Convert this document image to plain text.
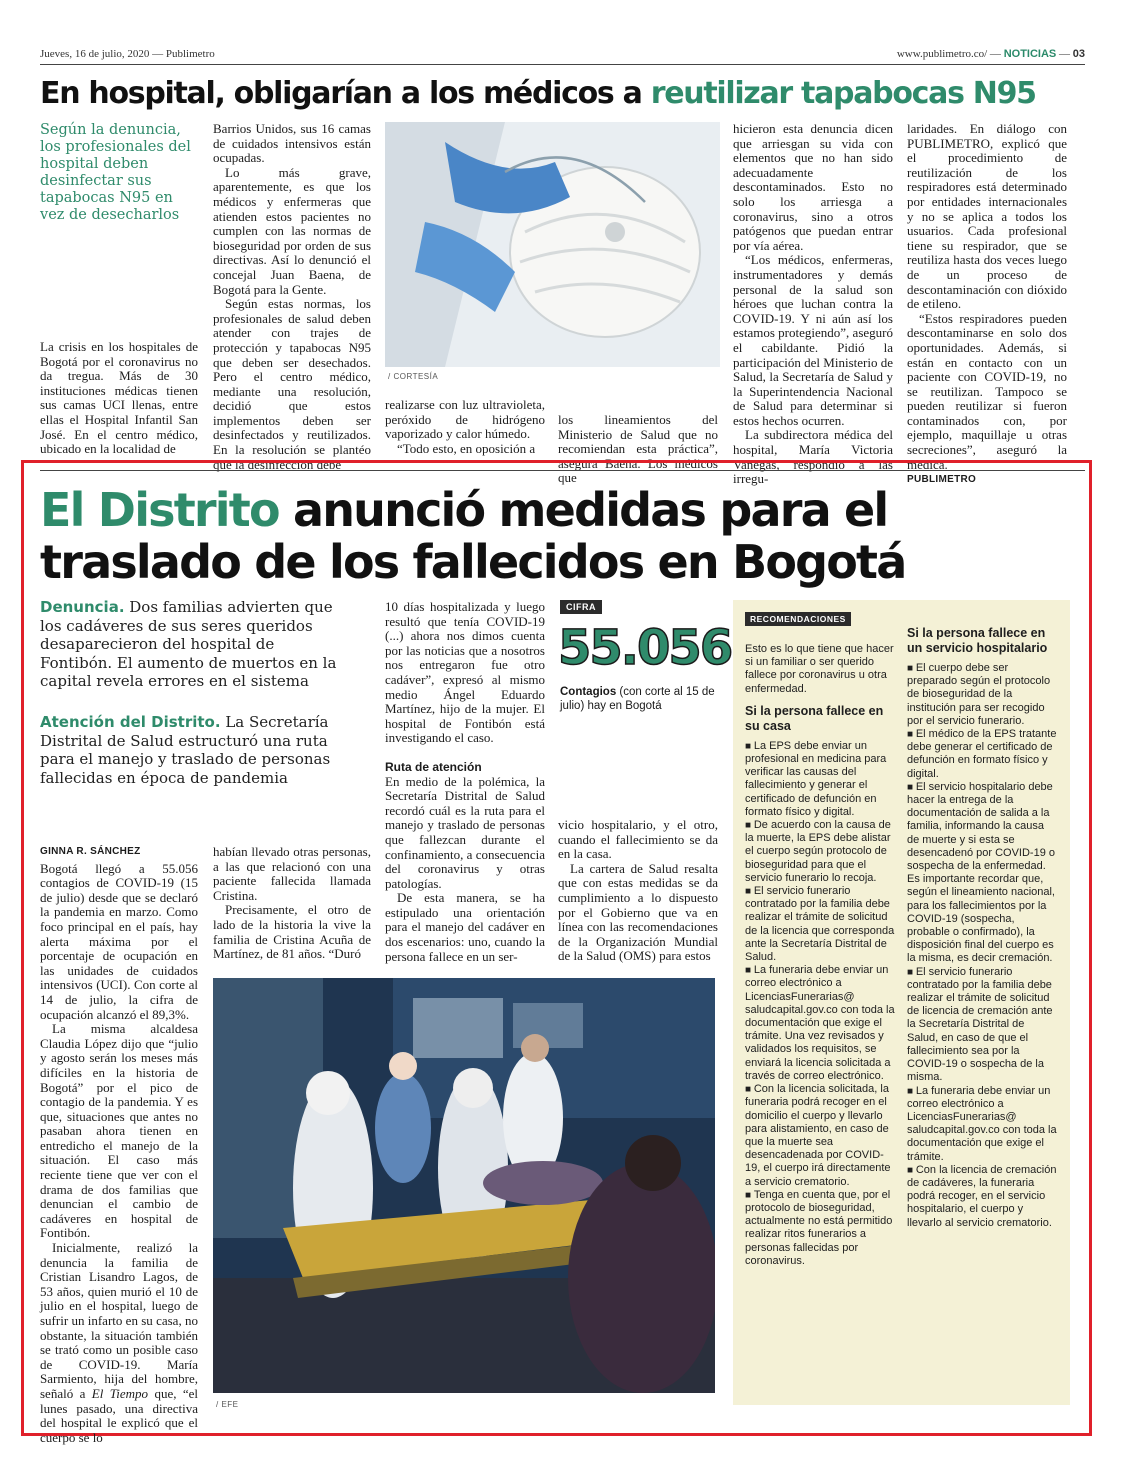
Jueves, 16 de julio, 2020 — Publimetro	www.publimetro.co/ — NOTICIAS — 03
En hospital, obligarían a los médicos a reutilizar tapabocas N95
Según la denuncia, los profesionales del hospital deben desinfectar sus tapabocas N95 en vez de desecharlos

La crisis en los hospitales de Bogotá por el coronavirus no da tregua. Más de 30 instituciones médicas tienen sus camas UCI llenas, entre ellas el Hospital Infantil San José. En el centro médico, ubicado en la localidad de

Barrios Unidos, sus 16 camas de cuidados intensivos están ocupadas.

Lo más grave, aparentemente, es que los médicos y enfermeras que atienden estos pacientes no cumplen con las normas de bioseguridad por orden de sus directivas. Así lo denunció el concejal Juan Baena, de Bogotá para la Gente.

Según estas normas, los profesionales de salud deben atender con trajes de protección y tapabocas N95 que deben ser desechados. Pero el centro médico, mediante una resolución, decidió que estos implementos deben ser desinfectados y reutilizados. En la resolución se plantéo que la desinfección debe

/ CORTESÍA

realizarse con luz ultravioleta, peróxido de hidrógeno vaporizado y calor húmedo.

“Todo esto, en oposición a

los lineamientos del Ministerio de Salud que no recomiendan esta práctica”, asegura Baena. Los médicos que

hicieron esta denuncia dicen que arriesgan su vida con elementos que no han sido adecuadamente descontaminados. Esto no solo los arriesga a coronavirus, sino a otros patógenos que puedan entrar por vía aérea.

“Los médicos, enfermeras, instrumentadores y demás personal de la salud son héroes que luchan contra la COVID-19. Y ni aún así los estamos protegiendo”, aseguró el cabildante. Pidió la participación del Ministerio de Salud, la Secretaría de Salud y la Superintendencia Nacional de Salud para determinar si estos hechos ocurren.

La subdirectora médica del hospital, María Victoria Vanegas, respondió a las irregu-

laridades. En diálogo con PUBLIMETRO, explicó que el procedimiento de reutilización de los respiradores está determinado por entidades internacionales y no se aplica a todos los usuarios. Cada profesional tiene su respirador, que se reutiliza hasta dos veces luego de un proceso de descontaminación con dióxido de etileno.

“Estos respiradores pueden descontaminarse en solo dos oportunidades. Además, si están en contacto con un paciente con COVID-19, no se reutilizan. Tampoco se pueden reutilizar si fueron contaminados con, por ejemplo, maquillaje u otras secreciones”, aseguró la médica.

PUBLIMETRO

El Distrito anunció medidas para el traslado de los fallecidos en Bogotá
Denuncia. Dos familias advierten que los cadáveres de sus seres queridos desaparecieron del hospital de Fontibón. El aumento de muertos en la capital revela errores en el sistema
Atención del Distrito. La Secretaría Distrital de Salud estructuró una ruta para el manejo y traslado de personas fallecidas en época de pandemia

GINNA R. SÁNCHEZ

Bogotá llegó a 55.056 contagios de COVID-19 (15 de julio) desde que se declaró la pandemia en marzo. Como foco principal en el país, hay alerta máxima por el porcentaje de ocupación en las unidades de cuidados intensivos (UCI). Con corte al 14 de julio, la cifra de ocupación alcanzó el 89,3%.

La misma alcaldesa Claudia López dijo que “julio y agosto serán los meses más difíciles en la historia de Bogotá” por el pico de contagio de la pandemia. Y es que, situaciones que antes no pasaban ahora tienen en entredicho el manejo de la situación. El caso más reciente tiene que ver con el drama de dos familias que denuncian el cambio de cadáveres en hospital de Fontibón.

Inicialmente, realizó la denuncia la familia de Cristian Lisandro Lagos, de 53 años, quien murió el 10 de julio en el hospital, luego de sufrir un infarto en su casa, no obstante, la situación también se trató como un posible caso de COVID-19. María Sarmiento, hija del hombre, señaló a El Tiempo que, “el lunes pasado, una directiva del hospital le explicó que el cuerpo se lo

habían llevado otras personas, a las que relacionó con una paciente fallecida llamada Cristina.

Precisamente, el otro de lado de la historia la vive la familia de Cristina Acuña de Martínez, de 81 años. “Duró

10 días hospitalizada y luego resultó que tenía COVID-19 (...) ahora nos dimos cuenta por las noticias que a nosotros nos entregaron fue otro cadáver”, expresó al mismo medio Ángel Eduardo Martínez, hijo de la mujer. El hospital de Fontibón está investigando el caso.

Ruta de atención

En medio de la polémica, la Secretaría Distrital de Salud recordó cuál es la ruta para el manejo y traslado de personas que fallezcan durante el confinamiento, a consecuencia del coronavirus y otras patologías.

De esta manera, se ha estipulado una orientación para el manejo del cadáver en dos escenarios: uno, cuando la persona fallece en un ser-

vicio hospitalario, y el otro, cuando el fallecimiento se da en la casa.

La cartera de Salud resalta que con estas medidas se da cumplimiento a lo dispuesto por el Gobierno que va en línea con las recomendaciones de la Organización Mundial de la Salud (OMS) para estos

CIFRA
55.056
Contagios (con corte al 15 de julio) hay en Bogotá
/ EFE
RECOMENDACIONES

Esto es lo que tiene que hacer si un familiar o ser querido fallece por coronavirus u otra enfermedad.

Si la persona fallece en su casa

■ La EPS debe enviar un profesional en medicina para verificar las causas del fallecimiento y generar el certificado de defunción en formato físico y digital.

■ De acuerdo con la causa de la muerte, la EPS debe alistar el cuerpo según protocolo de bioseguridad para que el servicio funerario lo recoja.

■ El servicio funerario contratado por la familia debe realizar el trámite de solicitud de la licencia que corresponda ante la Secretaría Distrital de Salud.

■ La funeraria debe enviar un correo electrónico a LicenciasFunerarias@ saludcapital.gov.co con toda la documentación que exige el trámite. Una vez revisados y validados los requisitos, se enviará la licencia solicitada a través de correo electrónico.

■ Con la licencia solicitada, la funeraria podrá recoger en el domicilio el cuerpo y llevarlo para alistamiento, en caso de que la muerte sea desencadenada por COVID-19, el cuerpo irá directamente a servicio crematorio.

■ Tenga en cuenta que, por el protocolo de bioseguridad, actualmente no está permitido realizar ritos funerarios a personas fallecidas por coronavirus.

Si la persona fallece en un servicio hospitalario

■ El cuerpo debe ser preparado según el protocolo de bioseguridad de la institución para ser recogido por el servicio funerario.

■ El médico de la EPS tratante debe generar el certificado de defunción en formato físico y digital.

■ El servicio hospitalario debe hacer la entrega de la documentación de salida a la familia, informando la causa de muerte y si esta se desencadenó por COVID-19 o sospecha de la enfermedad. Es importante recordar que, según el lineamiento nacional, para los fallecimientos por la COVID-19 (sospecha, probable o confirmado), la disposición final del cuerpo es la misma, es decir cremación.

■ El servicio funerario contratado por la familia debe realizar el trámite de solicitud de licencia de cremación ante la Secretaría Distrital de Salud, en caso de que el fallecimiento sea por la COVID-19 o sospecha de la misma.

■ La funeraria debe enviar un correo electrónico a LicenciasFunerarias@ saludcapital.gov.co con toda la documentación que exige el trámite.

■ Con la licencia de cremación de cadáveres, la funeraria podrá recoger, en el servicio hospitalario, el cuerpo y llevarlo al servicio crematorio.
